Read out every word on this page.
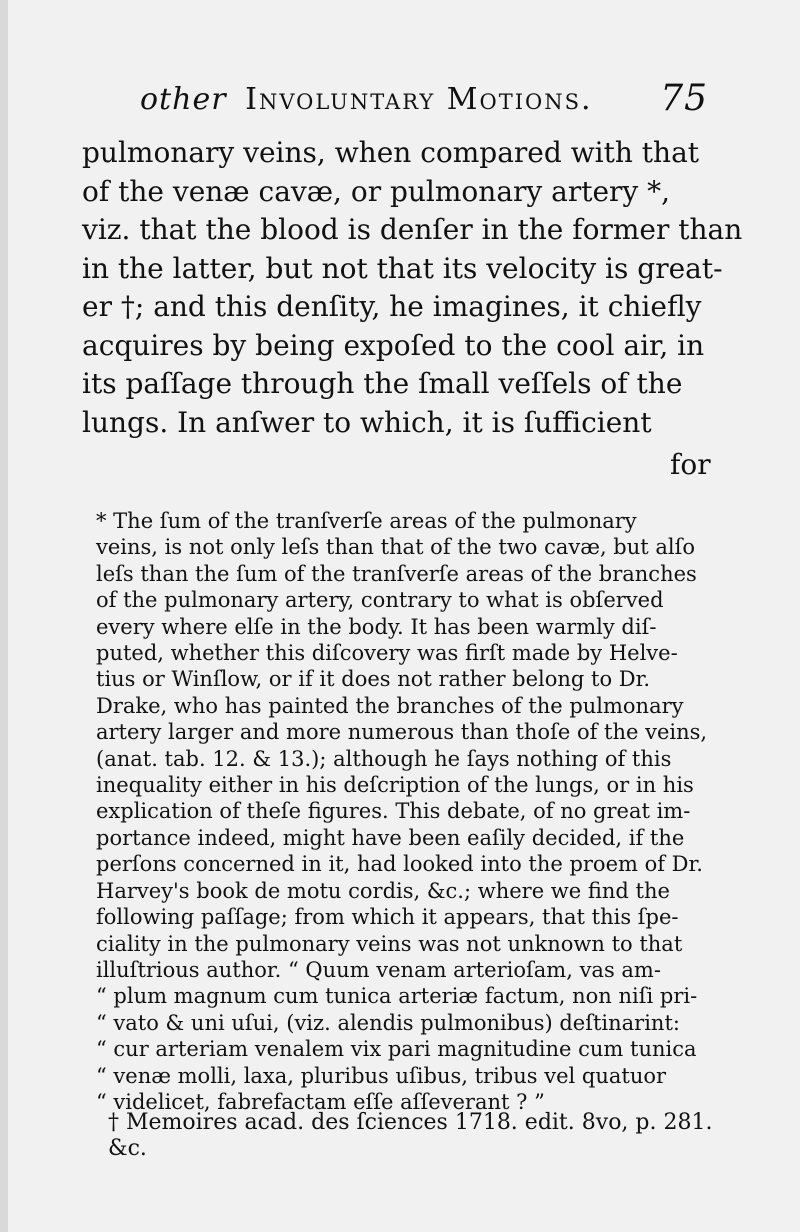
other Involuntary Motions. 75
pulmonary veins, when compared with that
of the venæ cavæ, or pulmonary artery *,
viz. that the blood is denſer in the former than
in the latter, but not that its velocity is great-
er †; and this denſity, he imagines, it chiefly
acquires by being expoſed to the cool air, in
its paſſage through the ſmall veſſels of the
lungs. In anſwer to which, it is ſufficient
for
* The ſum of the tranſverſe areas of the pulmonary
veins, is not only leſs than that of the two cavæ, but alſo
leſs than the ſum of the tranſverſe areas of the branches
of the pulmonary artery, contrary to what is obſerved
every where elſe in the body. It has been warmly diſ-
puted, whether this diſcovery was firſt made by Helve-
tius or Winſlow, or if it does not rather belong to Dr.
Drake, who has painted the branches of the pulmonary
artery larger and more numerous than thoſe of the veins,
(anat. tab. 12. & 13.); although he ſays nothing of this
inequality either in his deſcription of the lungs, or in his
explication of theſe figures. This debate, of no great im-
portance indeed, might have been eaſily decided, if the
perſons concerned in it, had looked into the proem of Dr.
Harvey's book de motu cordis, &c.; where we find the
following paſſage; from which it appears, that this ſpe-
ciality in the pulmonary veins was not unknown to that
illuſtrious author. “ Quum venam arterioſam, vas am-
“ plum magnum cum tunica arteriæ factum, non niſi pri-
“ vato & uni uſui, (viz. alendis pulmonibus) deſtinarint:
“ cur arteriam venalem vix pari magnitudine cum tunica
“ venæ molli, laxa, pluribus uſibus, tribus vel quatuor
“ videlicet, fabrefactam eſſe aſſeverant ? ”
† Memoires acad. des ſciences 1718. edit. 8vo, p. 281.
&c.
